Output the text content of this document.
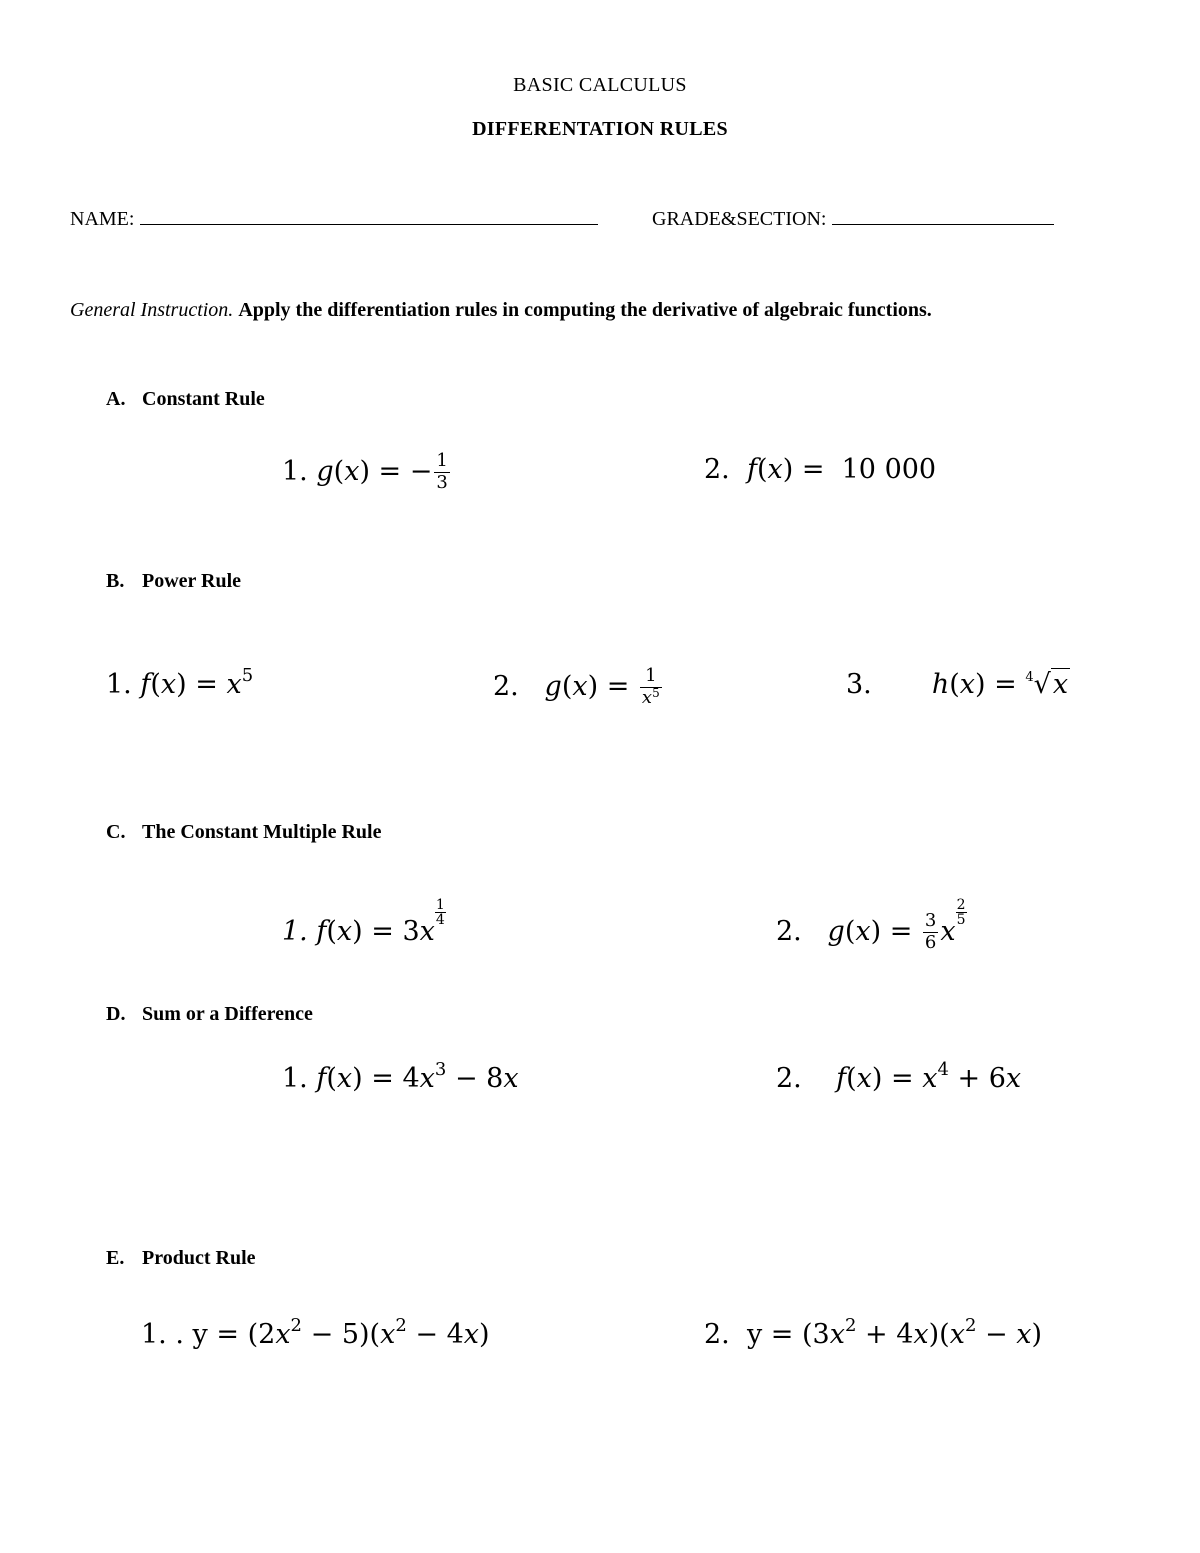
BASIC CALCULUS
DIFFERENTATION RULES
NAME:	GRADE&SECTION:
General Instruction. Apply the differentiation rules in computing the derivative of algebraic functions.
A. Constant Rule
1. g(x) = − $\frac{1}{3}$	2. f(x) =  10 000
B. Power Rule
1. $f(x) = x^5$	2. $g(x) = \frac{1}{x^5}$	3. h(x) = $^4$√x
C. The Constant Multiple Rule
1. f(x) = 3x
$\frac{1}{4}$
2. $g(x) = \frac{3}{6}$ x
$\frac{2}{5}$
D. Sum or a Difference
1. $f(x) = 4x^3 - 8x$	2. $f(x) = x^4 + 6x$
E. Product Rule
1. . $y = (2x^2 - 5)(x^2 - 4x)$	2. $y = (3x^2 + 4x)(x^2 - x)$
